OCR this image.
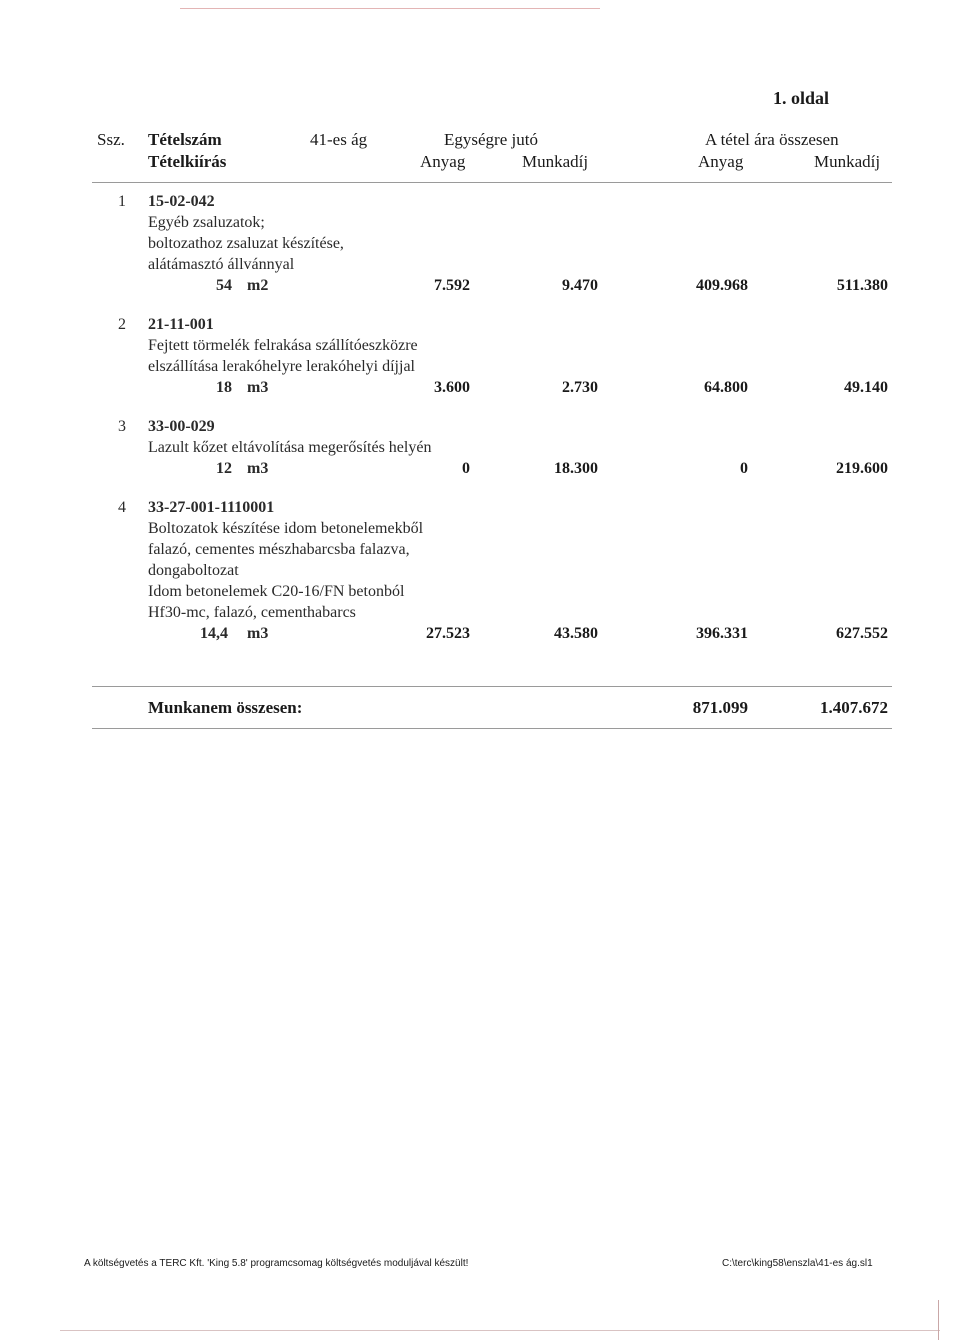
1. oldal
Ssz. Tételszám	41-es ág	Egységre jutó	A tétel ára összesen
Tételkiírás	Anyag	Munkadíj	Anyag	Munkadíj
1 15-02-042
Egyéb zsaluzatok;
boltozathoz zsaluzat készítése,
alátámasztó állvánnyal
54 m2	7.592	9.470	409.968	511.380
2 21-11-001
Fejtett törmelék felrakása szállítóeszközre
elszállítása lerakóhelyre lerakóhelyi díjjal
18 m3	3.600	2.730	64.800	49.140
3 33-00-029
Lazult kőzet eltávolítása megerősítés helyén
12 m3	0	18.300	0	219.600
4 33-27-001-1110001
Boltozatok készítése idom betonelemekből
falazó, cementes mészhabarcsba falazva,
dongaboltozat
Idom betonelemek C20-16/FN betonból
Hf30-mc, falazó, cementhabarcs
14,4 m3	27.523	43.580	396.331	627.552
Munkanem összesen:	871.099	1.407.672
A költségvetés a TERC Kft. 'King 5.8' programcsomag költségvetés moduljával készült!	C:\terc\king58\enszla\41-es ág.sl1
